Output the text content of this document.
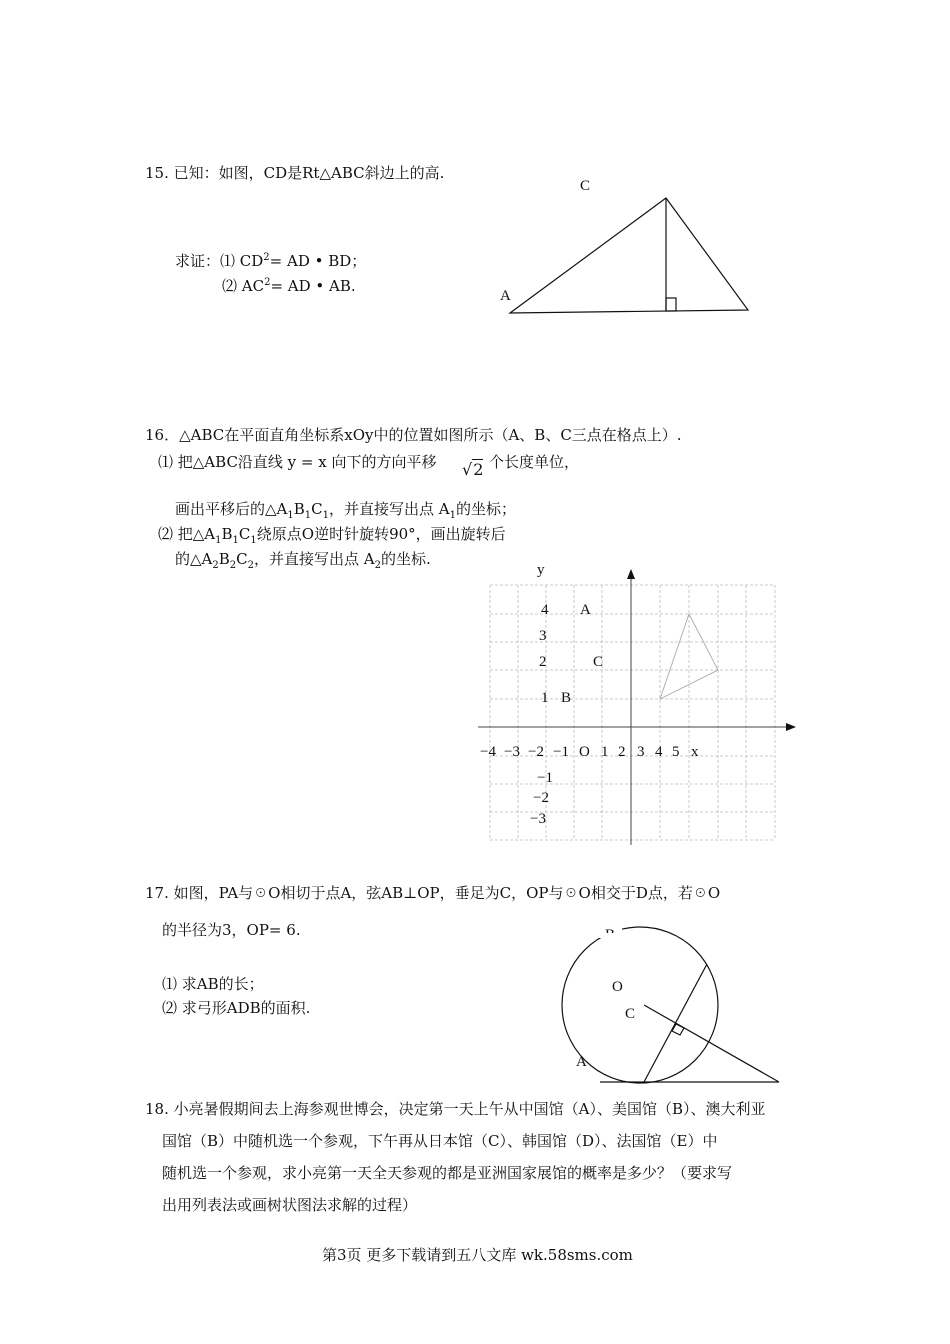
15. 已知：如图，CD是Rt△ABC斜边上的高.
求证：⑴ $CD^2=$ AD • BD；
⑵ $AC^2=$ AD • AB.
16．△ABC在平面直角坐标系xOy中的位置如图所示（A、B、C三点在格点上）.
⑴ 把△ABC沿直线 y = x 向下的方向平移 √2 个长度单位，
画出平移后的$\triangle A_1B_1C_1$，并直接写出点 $A_1$的坐标；
⑵ 把$\triangle A_1B_1C_1$绕原点O逆时针旋转90°，画出旋转后
的$\triangle A_2B_2C_2$，并直接写出点 $A_2$的坐标.
17. 如图，PA与☉O相切于点A，弦AB⊥OP，垂足为C，OP与☉O相交于D点，若☉O
的半径为3，OP= 6.
⑴ 求AB的长；
⑵ 求弓形ADB的面积.
18. 小亮暑假期间去上海参观世博会，决定第一天上午从中国馆（A）、美国馆（B）、澳大利亚
国馆（B）中随机选一个参观，下午再从日本馆（C）、韩国馆（D）、法国馆（E）中
随机选一个参观，求小亮第一天全天参观的都是亚洲国家展馆的概率是多少？（要求写
出用列表法或画树状图法求解的过程）
第3页 更多下载请到五八文库 wk.58sms.com
C
A
y
x
O
−4 −3 −2 −1 1 2 3 4 5
4
3
2
1
−1
−2
−3
A
C
B
O
C
A
